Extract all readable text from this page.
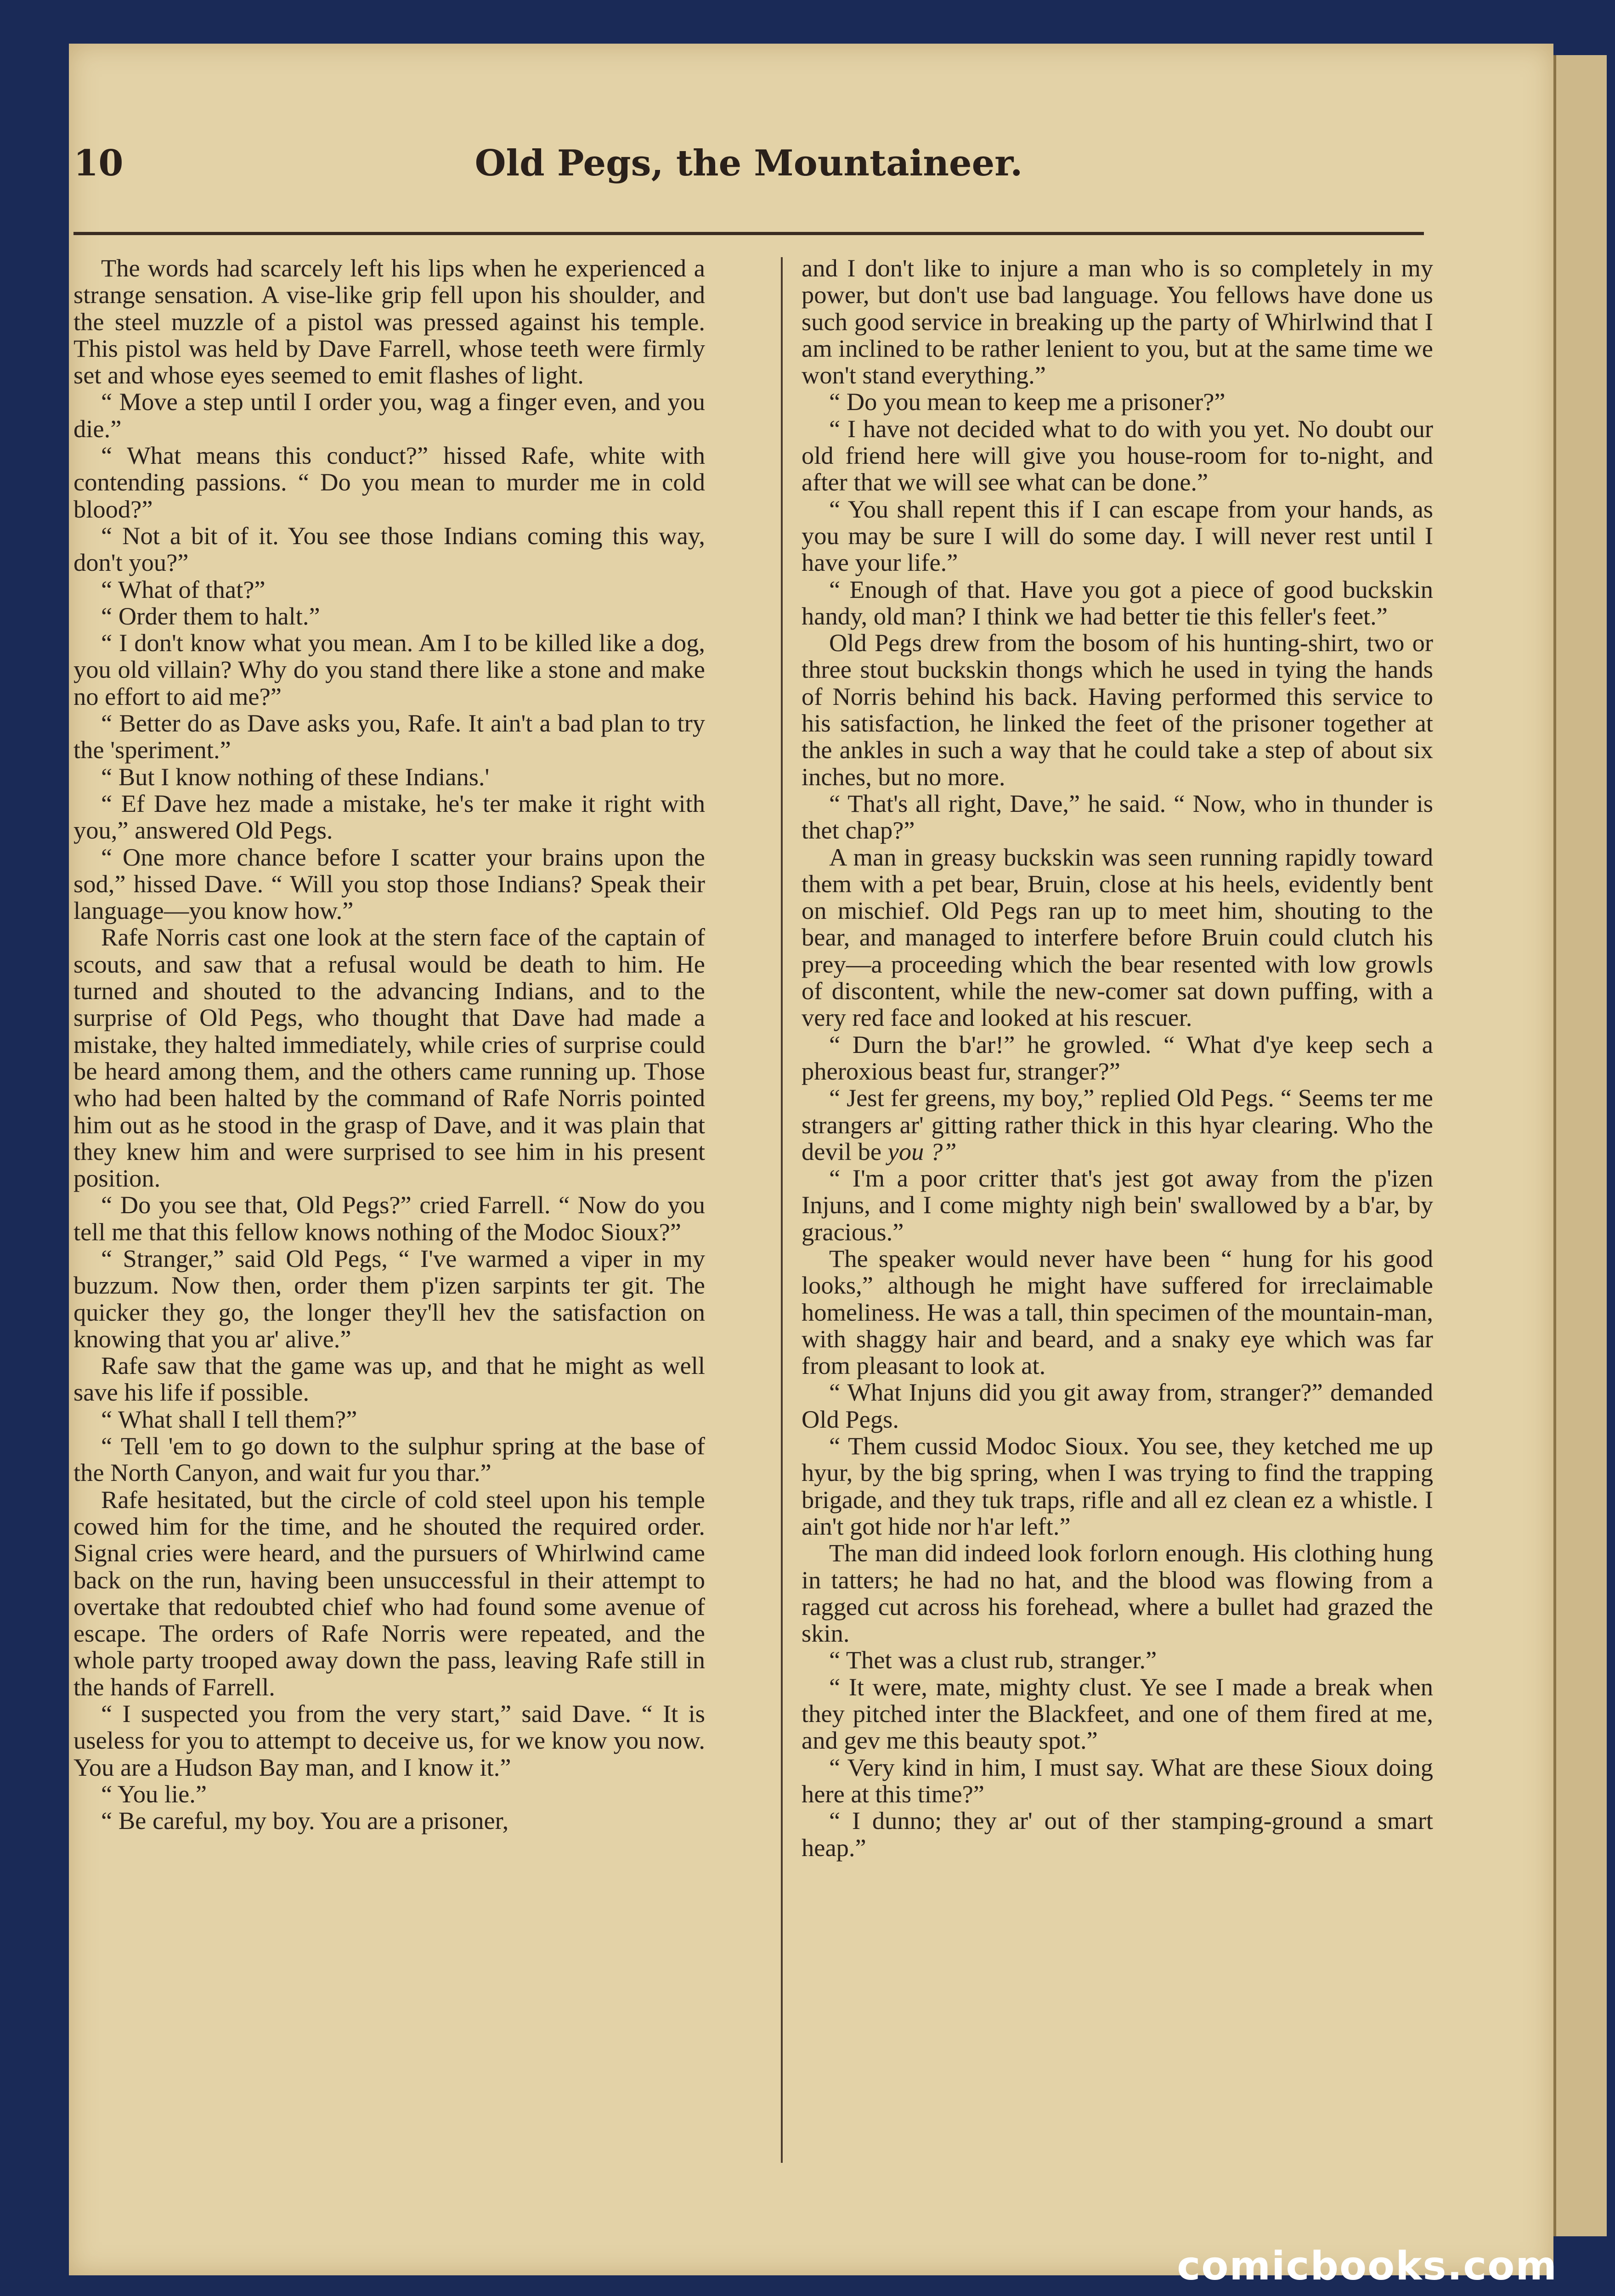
10	Old Pegs, the Mountaineer.

The words had scarcely left his lips when he experienced a strange sensation. A vise-like grip fell upon his shoulder, and the steel muzzle of a pistol was pressed against his temple. This pistol was held by Dave Farrell, whose teeth were firmly set and whose eyes seemed to emit flashes of light.

“ Move a step until I order you, wag a finger even, and you die.”

“ What means this conduct?” hissed Rafe, white with contending passions. “ Do you mean to murder me in cold blood?”

“ Not a bit of it. You see those Indians coming this way, don't you?”

“ What of that?”

“ Order them to halt.”

“ I don't know what you mean. Am I to be killed like a dog, you old villain? Why do you stand there like a stone and make no effort to aid me?”

“ Better do as Dave asks you, Rafe. It ain't a bad plan to try the 'speriment.”

“ But I know nothing of these Indians.'

“ Ef Dave hez made a mistake, he's ter make it right with you,” answered Old Pegs.

“ One more chance before I scatter your brains upon the sod,” hissed Dave. “ Will you stop those Indians? Speak their language—you know how.”

Rafe Norris cast one look at the stern face of the captain of scouts, and saw that a refusal would be death to him. He turned and shouted to the advancing Indians, and to the surprise of Old Pegs, who thought that Dave had made a mistake, they halted immediately, while cries of surprise could be heard among them, and the others came running up. Those who had been halted by the command of Rafe Norris pointed him out as he stood in the grasp of Dave, and it was plain that they knew him and were surprised to see him in his present position.

“ Do you see that, Old Pegs?” cried Farrell. “ Now do you tell me that this fellow knows nothing of the Modoc Sioux?”

“ Stranger,” said Old Pegs, “ I've warmed a viper in my buzzum. Now then, order them p'izen sarpints ter git. The quicker they go, the longer they'll hev the satisfaction on knowing that you ar' alive.”

Rafe saw that the game was up, and that he might as well save his life if possible.

“ What shall I tell them?”

“ Tell 'em to go down to the sulphur spring at the base of the North Canyon, and wait fur you thar.”

Rafe hesitated, but the circle of cold steel upon his temple cowed him for the time, and he shouted the required order. Signal cries were heard, and the pursuers of Whirlwind came back on the run, having been unsuccessful in their attempt to overtake that redoubted chief who had found some avenue of escape. The orders of Rafe Norris were repeated, and the whole party trooped away down the pass, leaving Rafe still in the hands of Farrell.

“ I suspected you from the very start,” said Dave. “ It is useless for you to attempt to deceive us, for we know you now. You are a Hudson Bay man, and I know it.”

“ You lie.”

“ Be careful, my boy. You are a prisoner,

and I don't like to injure a man who is so completely in my power, but don't use bad language. You fellows have done us such good service in breaking up the party of Whirlwind that I am inclined to be rather lenient to you, but at the same time we won't stand everything.”

“ Do you mean to keep me a prisoner?”

“ I have not decided what to do with you yet. No doubt our old friend here will give you house-room for to-night, and after that we will see what can be done.”

“ You shall repent this if I can escape from your hands, as you may be sure I will do some day. I will never rest until I have your life.”

“ Enough of that. Have you got a piece of good buckskin handy, old man? I think we had better tie this feller's feet.”

Old Pegs drew from the bosom of his hunting-shirt, two or three stout buckskin thongs which he used in tying the hands of Norris behind his back. Having performed this service to his satisfaction, he linked the feet of the prisoner together at the ankles in such a way that he could take a step of about six inches, but no more.

“ That's all right, Dave,” he said. “ Now, who in thunder is thet chap?”

A man in greasy buckskin was seen running rapidly toward them with a pet bear, Bruin, close at his heels, evidently bent on mischief. Old Pegs ran up to meet him, shouting to the bear, and managed to interfere before Bruin could clutch his prey—a proceeding which the bear resented with low growls of discontent, while the new-comer sat down puffing, with a very red face and looked at his rescuer.

“ Durn the b'ar!” he growled. “ What d'ye keep sech a pheroxious beast fur, stranger?”

“ Jest fer greens, my boy,” replied Old Pegs. “ Seems ter me strangers ar' gitting rather thick in this hyar clearing. Who the devil be you ?”

“ I'm a poor critter that's jest got away from the p'izen Injuns, and I come mighty nigh bein' swallowed by a b'ar, by gracious.”

The speaker would never have been “ hung for his good looks,” although he might have suffered for irreclaimable homeliness. He was a tall, thin specimen of the mountain-man, with shaggy hair and beard, and a snaky eye which was far from pleasant to look at.

“ What Injuns did you git away from, stranger?” demanded Old Pegs.

“ Them cussid Modoc Sioux. You see, they ketched me up hyur, by the big spring, when I was trying to find the trapping brigade, and they tuk traps, rifle and all ez clean ez a whistle. I ain't got hide nor h'ar left.”

The man did indeed look forlorn enough. His clothing hung in tatters; he had no hat, and the blood was flowing from a ragged cut across his forehead, where a bullet had grazed the skin.

“ Thet was a clust rub, stranger.”

“ It were, mate, mighty clust. Ye see I made a break when they pitched inter the Blackfeet, and one of them fired at me, and gev me this beauty spot.”

“ Very kind in him, I must say. What are these Sioux doing here at this time?”

“ I dunno; they ar' out of ther stamping-ground a smart heap.”

comicbooks.com
